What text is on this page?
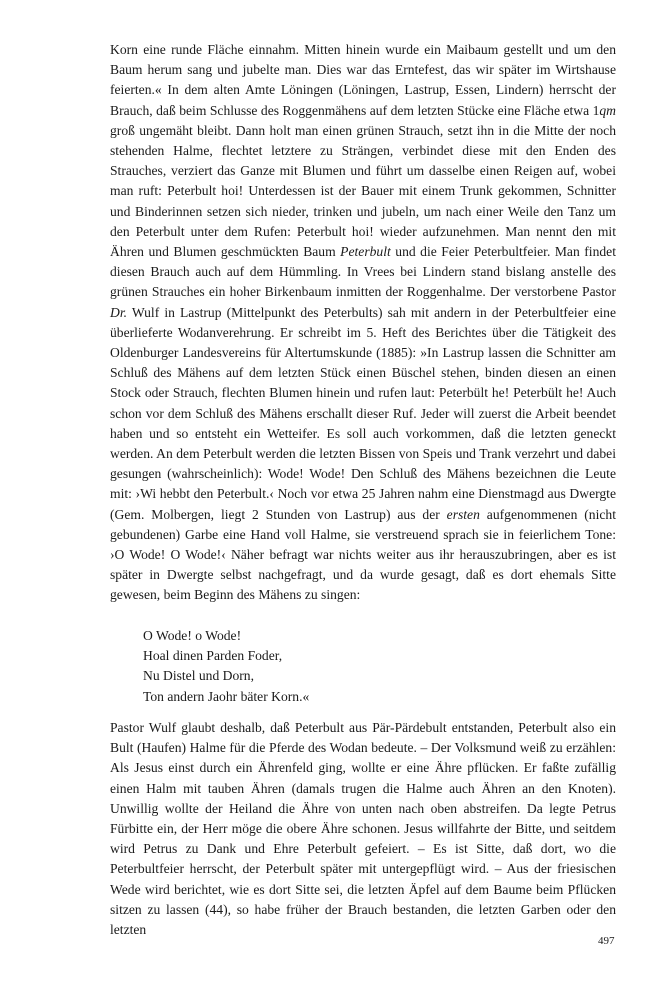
Korn eine runde Fläche einnahm. Mitten hinein wurde ein Maibaum gestellt und um den Baum herum sang und jubelte man. Dies war das Erntefest, das wir später im Wirtshause feierten.« In dem alten Amte Löningen (Löningen, Lastrup, Essen, Lindern) herrscht der Brauch, daß beim Schlusse des Roggenmähens auf dem letzten Stücke eine Fläche etwa 1qm groß ungemäht bleibt. Dann holt man einen grünen Strauch, setzt ihn in die Mitte der noch stehenden Halme, flechtet letztere zu Strängen, verbindet diese mit den Enden des Strauches, verziert das Ganze mit Blumen und führt um dasselbe einen Reigen auf, wobei man ruft: Peterbult hoi! Unterdessen ist der Bauer mit einem Trunk gekommen, Schnitter und Binderinnen setzen sich nieder, trinken und jubeln, um nach einer Weile den Tanz um den Peterbult unter dem Rufen: Peterbult hoi! wieder aufzunehmen. Man nennt den mit Ähren und Blumen geschmückten Baum Peterbult und die Feier Peterbultfeier. Man findet diesen Brauch auch auf dem Hümmling. In Vrees bei Lindern stand bislang anstelle des grünen Strauches ein hoher Birkenbaum inmitten der Roggenhalme. Der verstorbene Pastor Dr. Wulf in Lastrup (Mittelpunkt des Peterbults) sah mit andern in der Peterbultfeier eine überlieferte Wodanverehrung. Er schreibt im 5. Heft des Berichtes über die Tätigkeit des Oldenburger Landesvereins für Altertumskunde (1885): »In Lastrup lassen die Schnitter am Schluß des Mähens auf dem letzten Stück einen Büschel stehen, binden diesen an einen Stock oder Strauch, flechten Blumen hinein und rufen laut: Peterbült he! Peterbült he! Auch schon vor dem Schluß des Mähens erschallt dieser Ruf. Jeder will zuerst die Arbeit beendet haben und so entsteht ein Wetteifer. Es soll auch vorkommen, daß die letzten geneckt werden. An dem Peterbult werden die letzten Bissen von Speis und Trank verzehrt und dabei gesungen (wahrscheinlich): Wode! Wode! Den Schluß des Mähens bezeichnen die Leute mit: ›Wi hebbt den Peterbult.‹ Noch vor etwa 25 Jahren nahm eine Dienstmagd aus Dwergte (Gem. Molbergen, liegt 2 Stunden von Lastrup) aus der ersten aufgenommenen (nicht gebundenen) Garbe eine Hand voll Halme, sie verstreuend sprach sie in feierlichem Tone: ›O Wode! O Wode!‹ Näher befragt war nichts weiter aus ihr herauszubringen, aber es ist später in Dwergte selbst nachgefragt, und da wurde gesagt, daß es dort ehemals Sitte gewesen, beim Beginn des Mähens zu singen:

O Wode! o Wode!
Hoal dinen Parden Foder,
Nu Distel und Dorn,
Ton andern Jaohr bäter Korn.«

Pastor Wulf glaubt deshalb, daß Peterbult aus Pär-Pärdebult entstanden, Peterbult also ein Bult (Haufen) Halme für die Pferde des Wodan bedeute. – Der Volksmund weiß zu erzählen: Als Jesus einst durch ein Ährenfeld ging, wollte er eine Ähre pflücken. Er faßte zufällig einen Halm mit tauben Ähren (damals trugen die Halme auch Ähren an den Knoten). Unwillig wollte der Heiland die Ähre von unten nach oben abstreifen. Da legte Petrus Fürbitte ein, der Herr möge die obere Ähre schonen. Jesus willfahrte der Bitte, und seitdem wird Petrus zu Dank und Ehre Peterbult gefeiert. – Es ist Sitte, daß dort, wo die Peterbultfeier herrscht, der Peterbult später mit untergepflügt wird. – Aus der friesischen Wede wird berichtet, wie es dort Sitte sei, die letzten Äpfel auf dem Baume beim Pflücken sitzen zu lassen (44), so habe früher der Brauch bestanden, die letzten Garben oder den letzten

497
